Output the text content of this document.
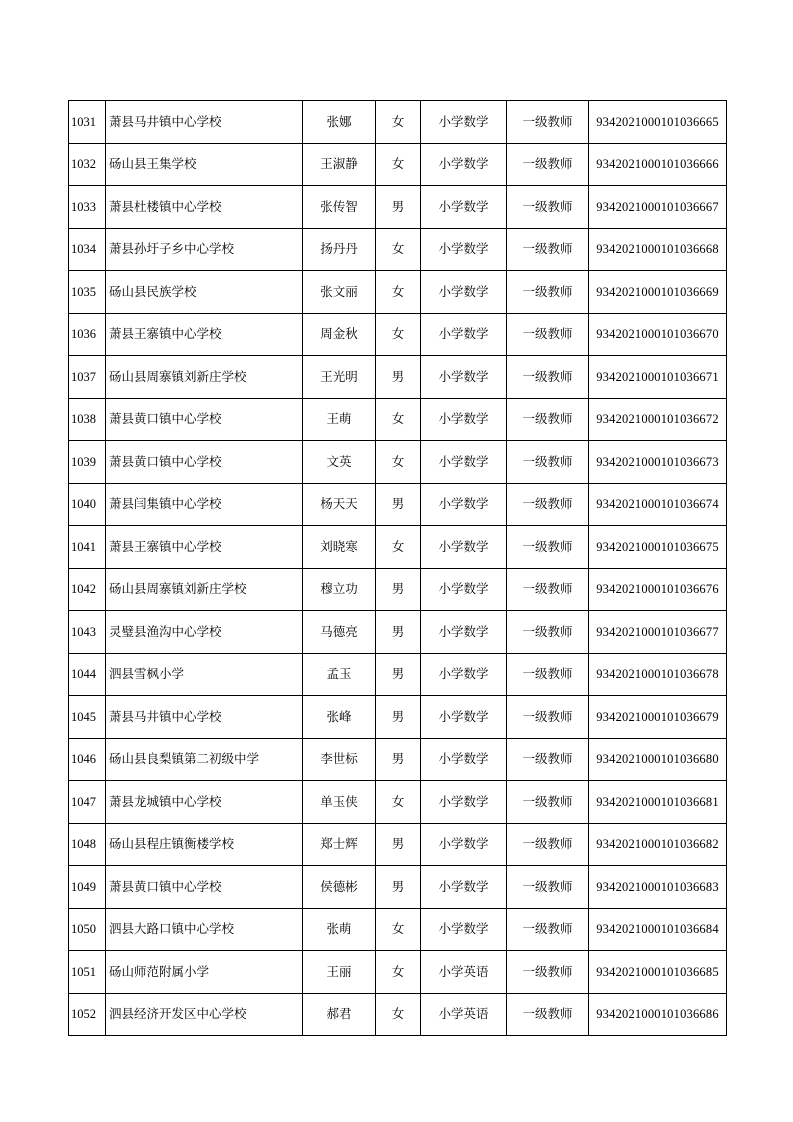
1031	萧县马井镇中心学校	张娜	女	小学数学	一级教师	9342021000101036665
1032	砀山县王集学校	王淑静	女	小学数学	一级教师	9342021000101036666
1033	萧县杜楼镇中心学校	张传智	男	小学数学	一级教师	9342021000101036667
1034	萧县孙圩子乡中心学校	扬丹丹	女	小学数学	一级教师	9342021000101036668
1035	砀山县民族学校	张文丽	女	小学数学	一级教师	9342021000101036669
1036	萧县王寨镇中心学校	周金秋	女	小学数学	一级教师	9342021000101036670
1037	砀山县周寨镇刘新庄学校	王光明	男	小学数学	一级教师	9342021000101036671
1038	萧县黄口镇中心学校	王萌	女	小学数学	一级教师	9342021000101036672
1039	萧县黄口镇中心学校	文英	女	小学数学	一级教师	9342021000101036673
1040	萧县闫集镇中心学校	杨天天	男	小学数学	一级教师	9342021000101036674
1041	萧县王寨镇中心学校	刘晓寒	女	小学数学	一级教师	9342021000101036675
1042	砀山县周寨镇刘新庄学校	穆立功	男	小学数学	一级教师	9342021000101036676
1043	灵璧县渔沟中心学校	马德亮	男	小学数学	一级教师	9342021000101036677
1044	泗县雪枫小学	孟玉	男	小学数学	一级教师	9342021000101036678
1045	萧县马井镇中心学校	张峰	男	小学数学	一级教师	9342021000101036679
1046	砀山县良梨镇第二初级中学	李世标	男	小学数学	一级教师	9342021000101036680
1047	萧县龙城镇中心学校	单玉侠	女	小学数学	一级教师	9342021000101036681
1048	砀山县程庄镇衡楼学校	郑士辉	男	小学数学	一级教师	9342021000101036682
1049	萧县黄口镇中心学校	侯德彬	男	小学数学	一级教师	9342021000101036683
1050	泗县大路口镇中心学校	张萌	女	小学数学	一级教师	9342021000101036684
1051	砀山师范附属小学	王丽	女	小学英语	一级教师	9342021000101036685
1052	泗县经济开发区中心学校	郝君	女	小学英语	一级教师	9342021000101036686
